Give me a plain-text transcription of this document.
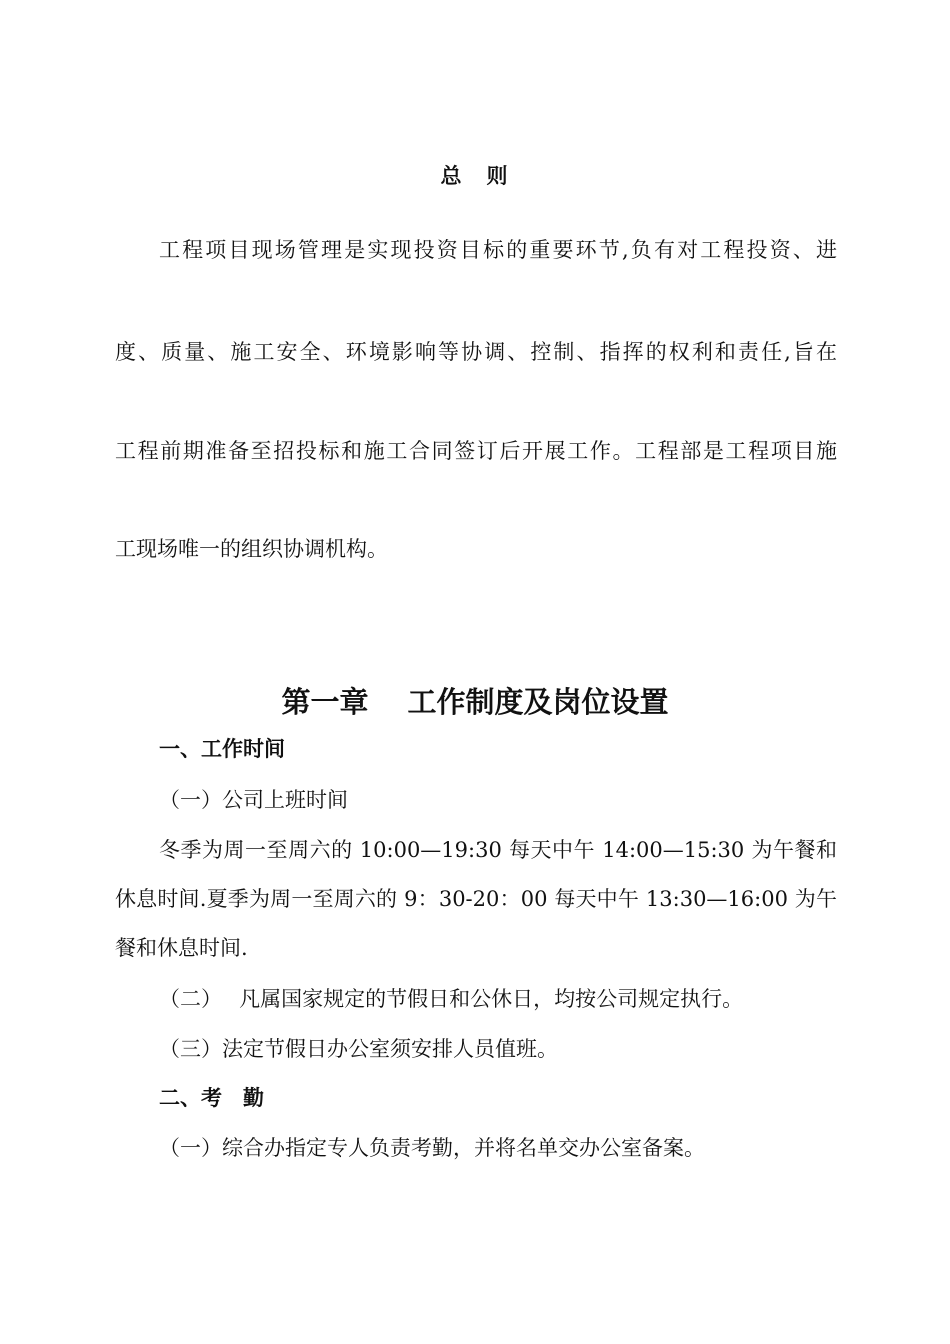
总　则
工程项目现场管理是实现投资目标的重要环节,负有对工程投资、进
度、质量、施工安全、环境影响等协调、控制、指挥的权利和责任,旨在
工程前期准备至招投标和施工合同签订后开展工作。工程部是工程项目施
工现场唯一的组织协调机构。
第一章　 工作制度及岗位设置
一、工作时间
（一）公司上班时间
冬季为周一至周六的 10:00—19:30 每天中午 14:00—15:30 为午餐和
休息时间.夏季为周一至周六的 9：30-20：00 每天中午 13:30—16:00 为午
餐和休息时间.
（二）　 凡属国家规定的节假日和公休日，均按公司规定执行。
（三）法定节假日办公室须安排人员值班。
二、考　勤
（一）综合办指定专人负责考勤，并将名单交办公室备案。
